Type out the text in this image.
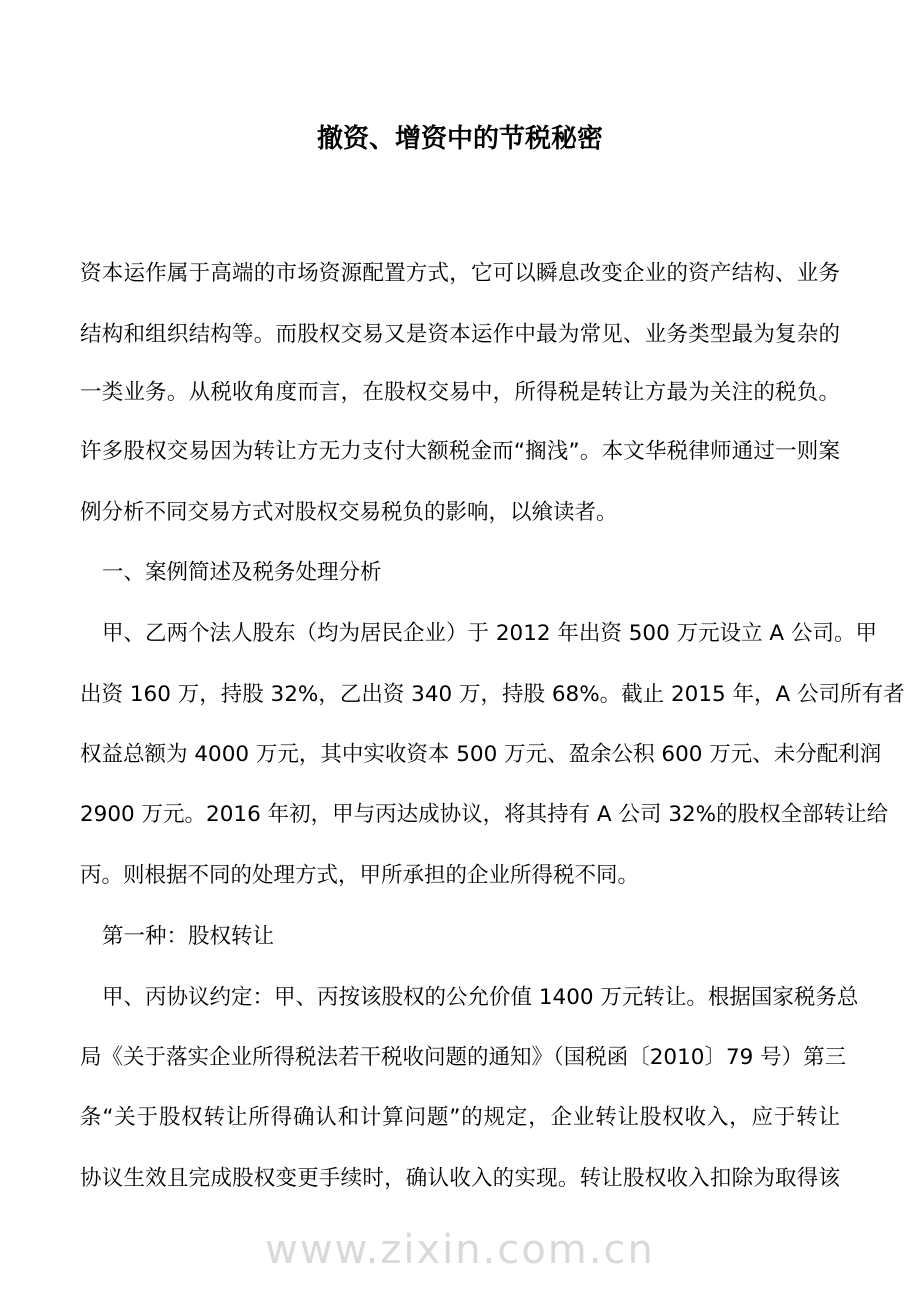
撤资、增资中的节税秘密
资本运作属于高端的市场资源配置方式，它可以瞬息改变企业的资产结构、业务
结构和组织结构等。而股权交易又是资本运作中最为常见、业务类型最为复杂的
一类业务。从税收角度而言，在股权交易中，所得税是转让方最为关注的税负。
许多股权交易因为转让方无力支付大额税金而“搁浅”。本文华税律师通过一则案
例分析不同交易方式对股权交易税负的影响，以飨读者。
一、案例简述及税务处理分析
甲、乙两个法人股东（均为居民企业）于 2012 年出资 500 万元设立 A 公司。甲
出资 160 万，持股 32%，乙出资 340 万，持股 68%。截止 2015 年，A 公司所有者
权益总额为 4000 万元，其中实收资本 500 万元、盈余公积 600 万元、未分配利润
2900 万元。2016 年初，甲与丙达成协议，将其持有 A 公司 32%的股权全部转让给
丙。则根据不同的处理方式，甲所承担的企业所得税不同。
第一种：股权转让
甲、丙协议约定：甲、丙按该股权的公允价值 1400 万元转让。根据国家税务总
局《关于落实企业所得税法若干税收问题的通知》（国税函〔2010〕79 号）第三
条“关于股权转让所得确认和计算问题”的规定，企业转让股权收入，应于转让
协议生效且完成股权变更手续时，确认收入的实现。转让股权收入扣除为取得该
www.zixin.com.cn
